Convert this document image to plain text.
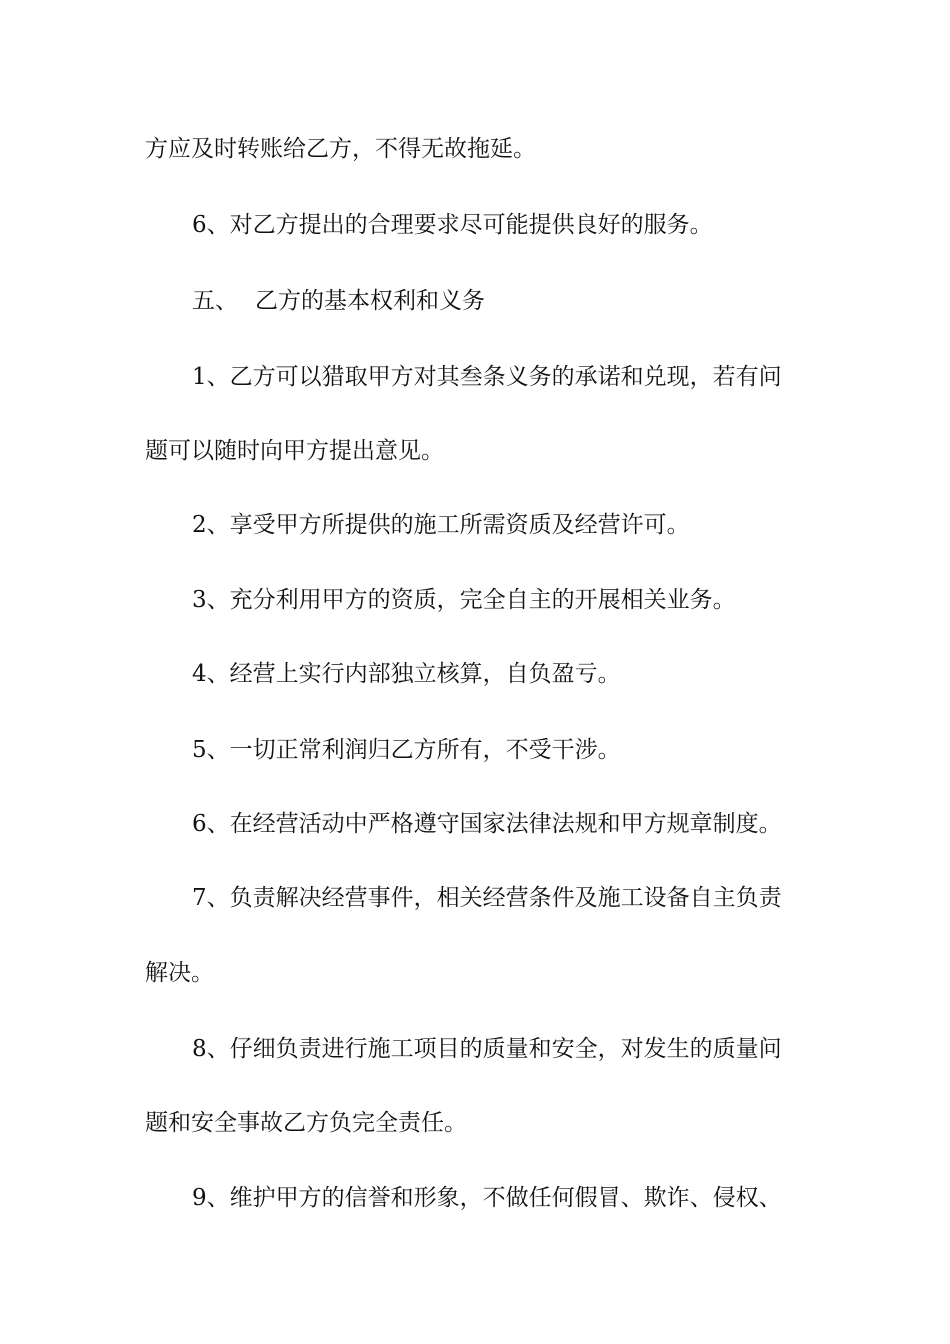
方应及时转账给乙方，不得无故拖延。
6、对乙方提出的合理要求尽可能提供良好的服务。
五、 乙方的基本权利和义务
1、乙方可以猎取甲方对其叁条义务的承诺和兑现，若有问
题可以随时向甲方提出意见。
2、享受甲方所提供的施工所需资质及经营许可。
3、充分利用甲方的资质，完全自主的开展相关业务。
4、经营上实行内部独立核算，自负盈亏。
5、一切正常利润归乙方所有，不受干涉。
6、在经营活动中严格遵守国家法律法规和甲方规章制度。
7、负责解决经营事件，相关经营条件及施工设备自主负责
解决。
8、仔细负责进行施工项目的质量和安全，对发生的质量问
题和安全事故乙方负完全责任。
9、维护甲方的信誉和形象，不做任何假冒、欺诈、侵权、
